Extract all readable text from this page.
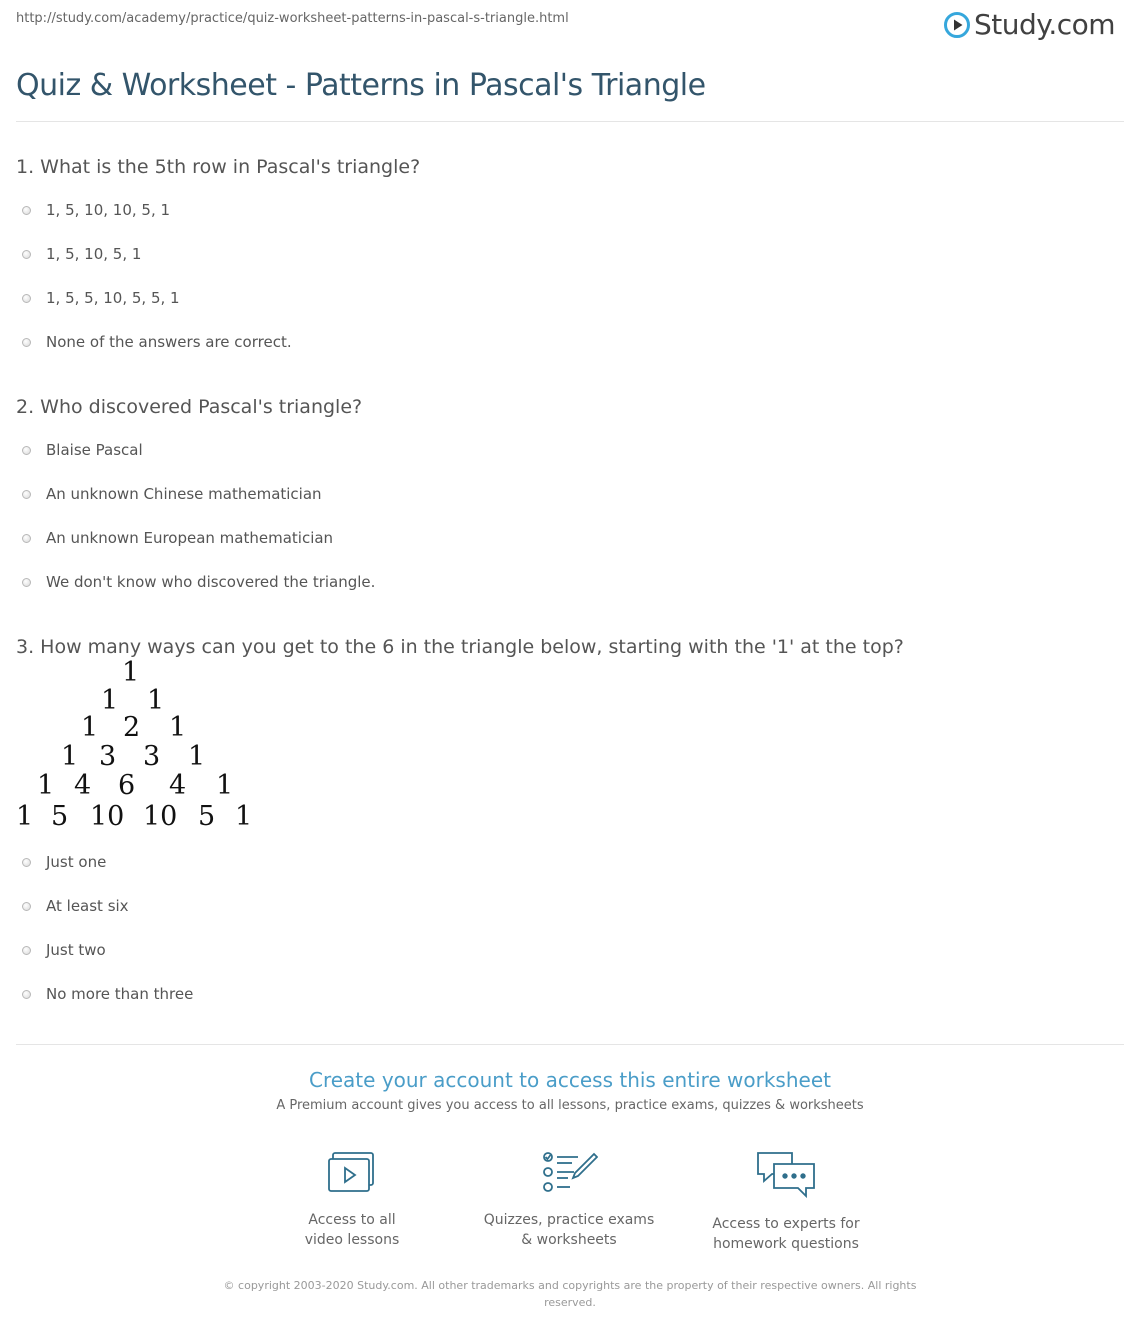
http://study.com/academy/practice/quiz-worksheet-patterns-in-pascal-s-triangle.html	Study.com
Quiz & Worksheet - Patterns in Pascal's Triangle
1. What is the 5th row in Pascal's triangle?
1, 5, 10, 10, 5, 1
1, 5, 10, 5, 1
1, 5, 5, 10, 5, 5, 1
None of the answers are correct.
2. Who discovered Pascal's triangle?
Blaise Pascal
An unknown Chinese mathematician
An unknown European mathematician
We don't know who discovered the triangle.
3. How many ways can you get to the 6 in the triangle below, starting with the '1' at the top?
1
1 1
1 2 1
1 3 3 1
1 4 6 4 1
1 5 10 10 5 1
Just one
At least six
Just two
No more than three
Create your account to access this entire worksheet
A Premium account gives you access to all lessons, practice exams, quizzes & worksheets
Access to all
video lessons
Quizzes, practice exams
& worksheets
Access to experts for
homework questions
© copyright 2003-2020 Study.com. All other trademarks and copyrights are the property of their respective owners. All rights reserved.
